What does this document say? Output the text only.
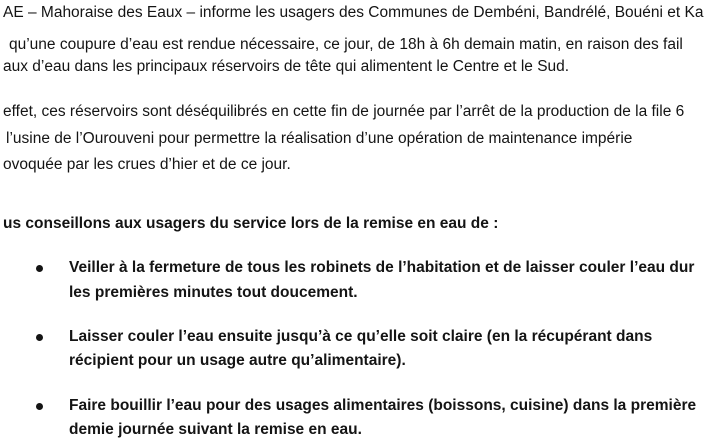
AE – Mahoraise des Eaux – informe les usagers des Communes de Dembéni, Bandrélé, Bouéni et Ka
qu’une coupure d’eau est rendue nécessaire, ce jour, de 18h à 6h demain matin, en raison des fail
aux d’eau dans les principaux réservoirs de tête qui alimentent le Centre et le Sud.
effet, ces réservoirs sont déséquilibrés en cette fin de journée par l’arrêt de la production de la file 6
l’usine de l’Ourouveni pour permettre la réalisation d’une opération de maintenance impérie
ovoquée par les crues d’hier et de ce jour.
us conseillons aux usagers du service lors de la remise en eau de :
Veiller à la fermeture de tous les robinets de l’habitation et de laisser couler l’eau dur
les premières minutes tout doucement.
Laisser couler l’eau ensuite jusqu’à ce qu’elle soit claire (en la récupérant dans
récipient pour un usage autre qu’alimentaire).
Faire bouillir l’eau pour des usages alimentaires (boissons, cuisine) dans la première
demie journée suivant la remise en eau.
